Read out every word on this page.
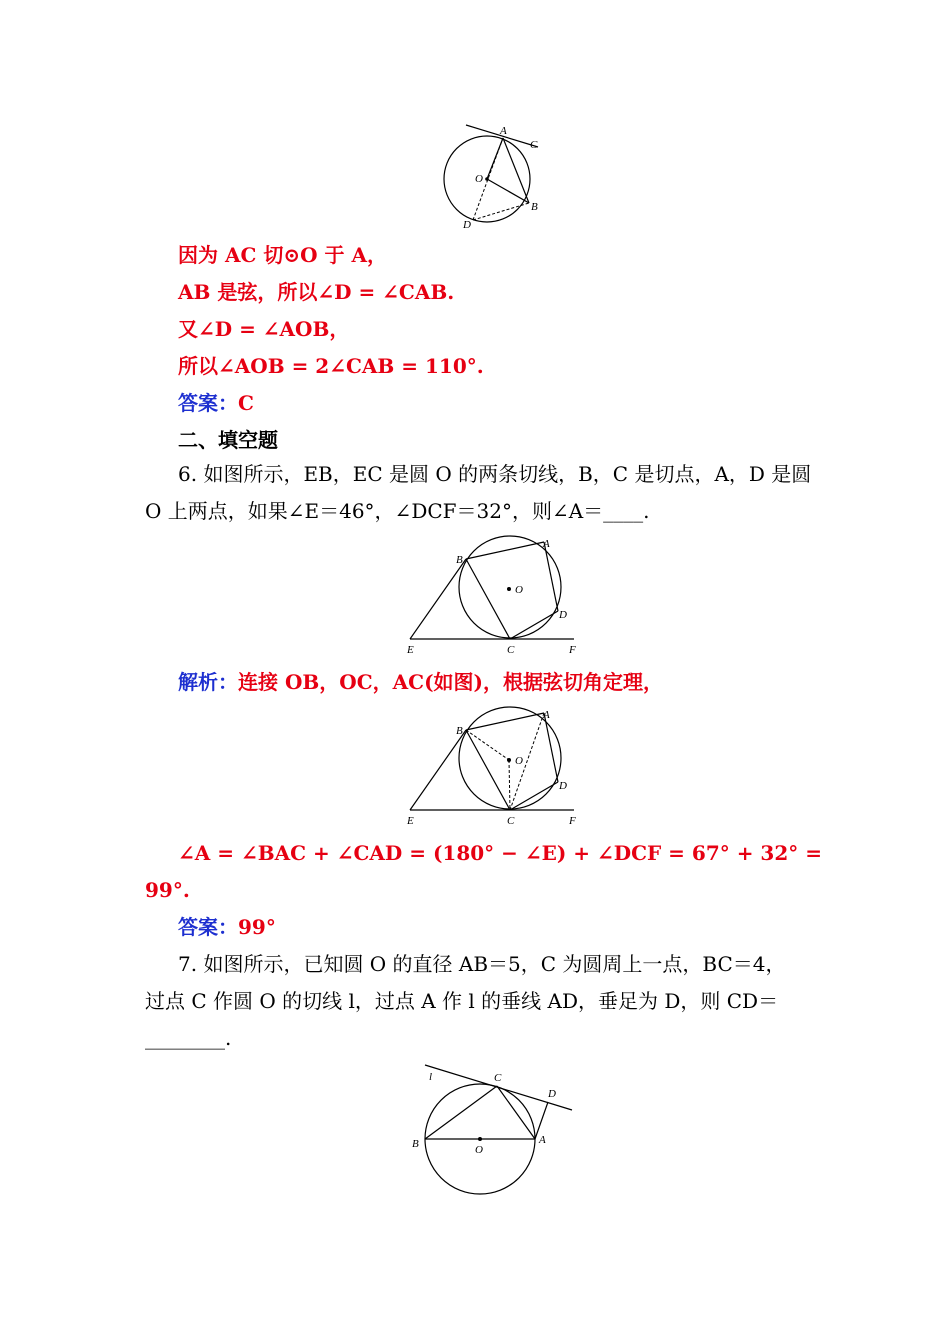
A
C
O
B
D
因为 AC 切⊙O 于 A，
AB 是弦，所以∠D = ∠CAB.
又∠D = ∠AOB，
所以∠AOB = 2∠CAB = 110°.
答案：C
二、填空题
6. 如图所示，EB，EC 是圆 O 的两条切线，B，C 是切点，A，D 是圆
O 上两点，如果∠E＝46°，∠DCF＝32°，则∠A＝____.
B
A
O
D
E	C	F
解析：连接 OB，OC，AC(如图)，根据弦切角定理，
B
A
O
D
E	C	F
∠A = ∠BAC + ∠CAD = (180° − ∠E) + ∠DCF = 67° + 32° =
99°.
答案：99°
7. 如图所示，已知圆 O 的直径 AB＝5，C 为圆周上一点，BC＝4，
过点 C 作圆 O 的切线 l，过点 A 作 l 的垂线 AD，垂足为 D，则 CD＝
________.
l	C
D
B	A
O
